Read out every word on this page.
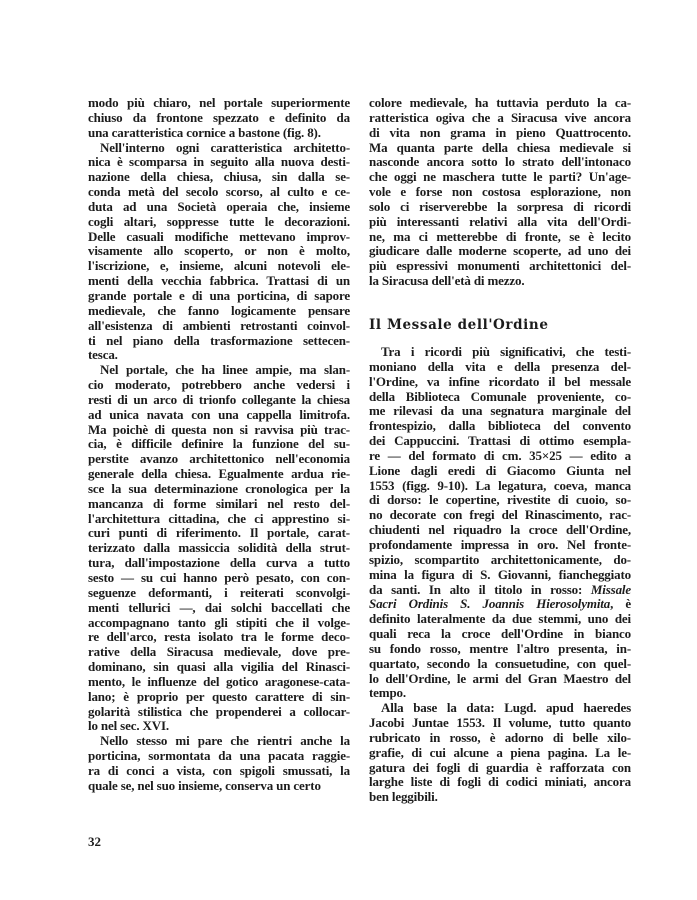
modo più chiaro, nel portale superiormente
chiuso da frontone spezzato e definito da
una caratteristica cornice a bastone (fig. 8).
Nell'interno ogni caratteristica architetto-
nica è scomparsa in seguito alla nuova desti-
nazione della chiesa, chiusa, sin dalla se-
conda metà del secolo scorso, al culto e ce-
duta ad una Società operaia che, insieme
cogli altari, soppresse tutte le decorazioni.
Delle casuali modifiche mettevano improv-
visamente allo scoperto, or non è molto,
l'iscrizione, e, insieme, alcuni notevoli ele-
menti della vecchia fabbrica. Trattasi di un
grande portale e di una porticina, di sapore
medievale, che fanno logicamente pensare
all'esistenza di ambienti retrostanti coinvol-
ti nel piano della trasformazione settecen-
tesca.
Nel portale, che ha linee ampie, ma slan-
cio moderato, potrebbero anche vedersi i
resti di un arco di trionfo collegante la chiesa
ad unica navata con una cappella limitrofa.
Ma poichè di questa non si ravvisa più trac-
cia, è difficile definire la funzione del su-
perstite avanzo architettonico nell'economia
generale della chiesa. Egualmente ardua rie-
sce la sua determinazione cronologica per la
mancanza di forme similari nel resto del-
l'architettura cittadina, che ci apprestino si-
curi punti di riferimento. Il portale, carat-
terizzato dalla massiccia solidità della strut-
tura, dall'impostazione della curva a tutto
sesto — su cui hanno però pesato, con con-
seguenze deformanti, i reiterati sconvolgi-
menti tellurici —, dai solchi baccellati che
accompagnano tanto gli stipiti che il volge-
re dell'arco, resta isolato tra le forme deco-
rative della Siracusa medievale, dove pre-
dominano, sin quasi alla vigilia del Rinasci-
mento, le influenze del gotico aragonese-cata-
lano; è proprio per questo carattere di sin-
golarità stilistica che propenderei a collocar-
lo nel sec. XVI.
Nello stesso mi pare che rientri anche la
porticina, sormontata da una pacata raggie-
ra di conci a vista, con spigoli smussati, la
quale se, nel suo insieme, conserva un certo
colore medievale, ha tuttavia perduto la ca-
ratteristica ogiva che a Siracusa vive ancora
di vita non grama in pieno Quattrocento.
Ma quanta parte della chiesa medievale si
nasconde ancora sotto lo strato dell'intonaco
che oggi ne maschera tutte le parti? Un'age-
vole e forse non costosa esplorazione, non
solo ci riserverebbe la sorpresa di ricordi
più interessanti relativi alla vita dell'Ordi-
ne, ma ci metterebbe di fronte, se è lecito
giudicare dalle moderne scoperte, ad uno dei
più espressivi monumenti architettonici del-
la Siracusa dell'età di mezzo.
Il Messale dell'Ordine
Tra i ricordi più significativi, che testi-
moniano della vita e della presenza del-
l'Ordine, va infine ricordato il bel messale
della Biblioteca Comunale proveniente, co-
me rilevasi da una segnatura marginale del
frontespizio, dalla biblioteca del convento
dei Cappuccini. Trattasi di ottimo esempla-
re — del formato di cm. 35×25 — edito a
Lione dagli eredi di Giacomo Giunta nel
1553 (figg. 9-10). La legatura, coeva, manca
di dorso: le copertine, rivestite di cuoio, so-
no decorate con fregi del Rinascimento, rac-
chiudenti nel riquadro la croce dell'Ordine,
profondamente impressa in oro. Nel fronte-
spizio, scompartito architettonicamente, do-
mina la figura di S. Giovanni, fiancheggiato
da santi. In alto il titolo in rosso: Missale
Sacri Ordinis S. Joannis Hierosolymita, è
definito lateralmente da due stemmi, uno dei
quali reca la croce dell'Ordine in bianco
su fondo rosso, mentre l'altro presenta, in-
quartato, secondo la consuetudine, con quel-
lo dell'Ordine, le armi del Gran Maestro del
tempo.
Alla base la data: Lugd. apud haeredes
Jacobi Juntae 1553. Il volume, tutto quanto
rubricato in rosso, è adorno di belle xilo-
grafie, di cui alcune a piena pagina. La le-
gatura dei fogli di guardia è rafforzata con
larghe liste di fogli di codici miniati, ancora
ben leggibili.
32
